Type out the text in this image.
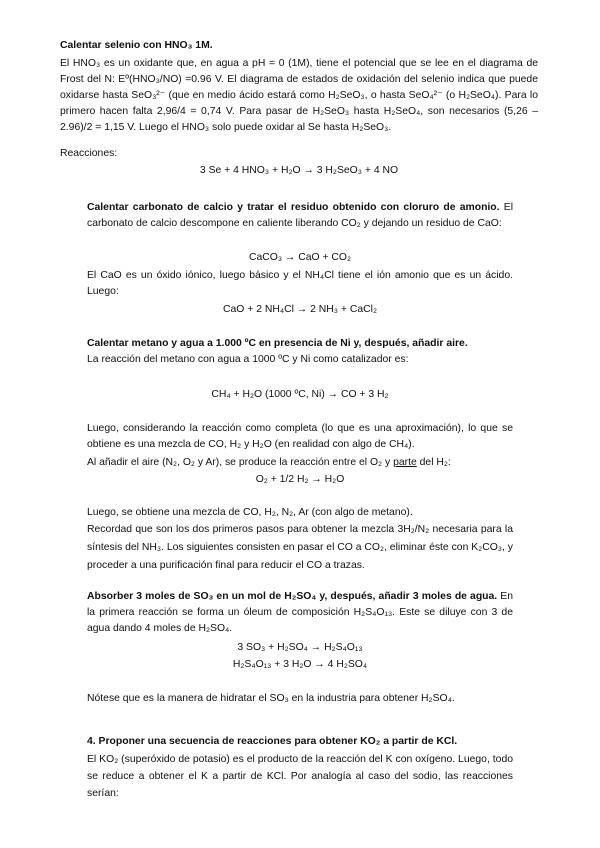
Calentar selenio con HNO₃ 1M.

El HNO₃ es un oxidante que, en agua a pH = 0 (1M), tiene el potencial que se lee en el diagrama de Frost del N: Eº(HNO₃/NO) =0.96 V. El diagrama de estados de oxidación del selenio indica que puede oxidarse hasta SeO₃²⁻ (que en medio ácido estará como H₂SeO₃, o hasta SeO₄²⁻ (o H₂SeO₄). Para lo primero hacen falta 2,96/4 = 0,74 V. Para pasar de H₂SeO₃ hasta H₂SeO₄, son necesarios (5,26 – 2.96)/2 = 1,15 V. Luego el HNO₃ solo puede oxidar al Se hasta H₂SeO₃.

Reacciones:
3 Se + 4 HNO₃ + H₂O → 3 H₂SeO₃ + 4 NO

Calentar carbonato de calcio y tratar el residuo obtenido con cloruro de amonio. El carbonato de calcio descompone en caliente liberando CO₂ y dejando un residuo de CaO:

CaCO₃ → CaO + CO₂

El CaO es un óxido iónico, luego básico y el NH₄Cl tiene el ión amonio que es un ácido. Luego:

CaO + 2 NH₄Cl → 2 NH₃ + CaCl₂
Calentar metano y agua a 1.000 ºC en presencia de Ni y, después, añadir aire.
La reacción del metano con agua a 1000 ºC y Ni como catalizador es:
CH₄ + H₂O (1000 ºC, Ni) → CO + 3 H₂

Luego, considerando la reacción como completa (lo que es una aproximación), lo que se obtiene es una mezcla de CO, H₂ y H₂O (en realidad con algo de CH₄).

Al añadir el aire (N₂, O₂ y Ar), se produce la reacción entre el O₂ y parte del H₂:
O₂ + 1/2 H₂ → H₂O
Luego, se obtiene una mezcla de CO, H₂, N₂, Ar (con algo de metano).

Recordad que son los dos primeros pasos para obtener la mezcla 3H₂/N₂ necesaria para la síntesis del NH₃. Los siguientes consisten en pasar el CO a CO₂, eliminar éste con K₂CO₃, y proceder a una purificación final para reducir el CO a trazas.

Absorber 3 moles de SO₃ en un mol de H₂SO₄ y, después, añadir 3 moles de agua. En la primera reacción se forma un óleum de composición H₂S₄O₁₃. Este se diluye con 3 de agua dando 4 moles de H₂SO₄.

3 SO₃ + H₂SO₄ → H₂S₄O₁₃
H₂S₄O₁₃ + 3 H₂O → 4 H₂SO₄
Nótese que es la manera de hidratar el SO₃ en la industria para obtener H₂SO₄.
4. Proponer una secuencia de reacciones para obtener KO₂ a partir de KCl.

El KO₂ (superóxido de potasio) es el producto de la reacción del K con oxígeno. Luego, todo se reduce a obtener el K a partir de KCl. Por analogía al caso del sodio, las reacciones serían:
